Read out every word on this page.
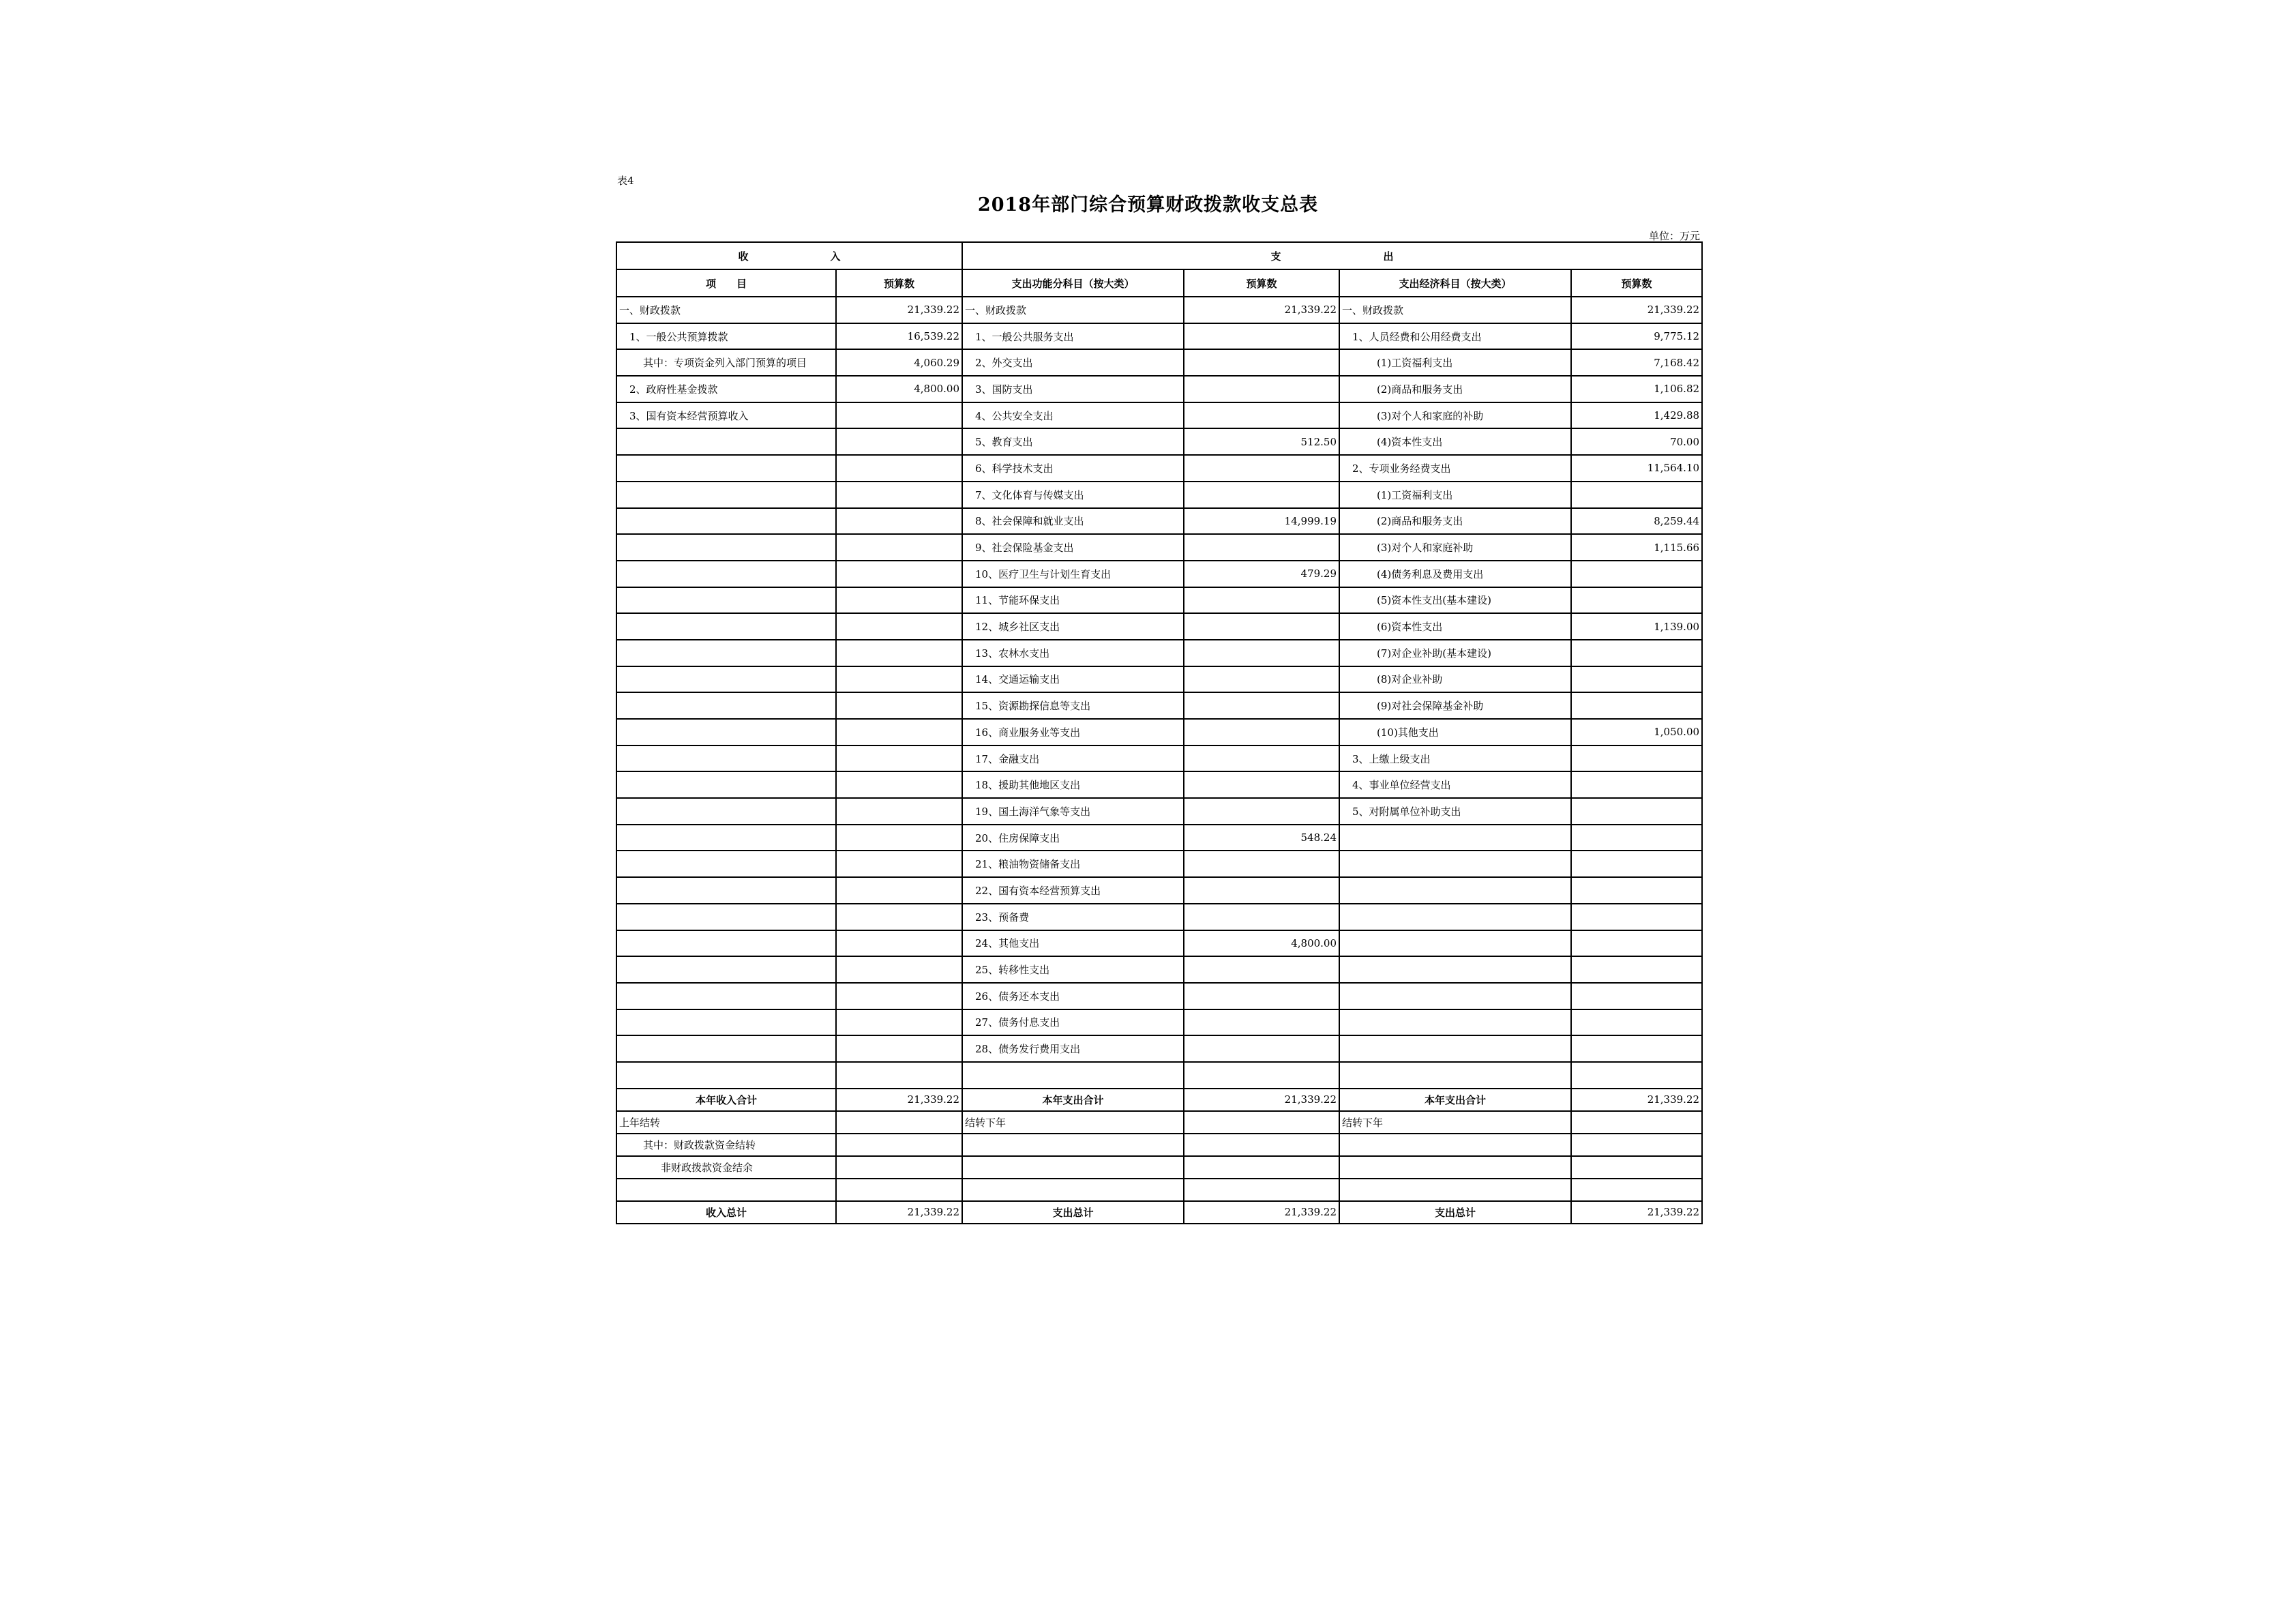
表4
2018年部门综合预算财政拨款收支总表
单位：万元
收　　　　　　　　入		支　　　　　　　　　　出			
项　　目	预算数	支出功能分科目（按大类）	预算数	支出经济科目（按大类）	预算数
一、财政拨款	21,339.22	一、财政拨款	21,339.22	一、财政拨款	21,339.22
1、一般公共预算拨款	16,539.22	1、一般公共服务支出		1、人员经费和公用经费支出	9,775.12
其中：专项资金列入部门预算的项目	4,060.29	2、外交支出		(1)工资福利支出	7,168.42
2、政府性基金拨款	4,800.00	3、国防支出		(2)商品和服务支出	1,106.82
3、国有资本经营预算收入		4、公共安全支出		(3)对个人和家庭的补助	1,429.88
		5、教育支出	512.50	(4)资本性支出	70.00
		6、科学技术支出		2、专项业务经费支出	11,564.10
		7、文化体育与传媒支出		(1)工资福利支出	
		8、社会保障和就业支出	14,999.19	(2)商品和服务支出	8,259.44
		9、社会保险基金支出		(3)对个人和家庭补助	1,115.66
		10、医疗卫生与计划生育支出	479.29	(4)债务利息及费用支出	
		11、节能环保支出		(5)资本性支出(基本建设)	
		12、城乡社区支出		(6)资本性支出	1,139.00
		13、农林水支出		(7)对企业补助(基本建设)	
		14、交通运输支出		(8)对企业补助	
		15、资源勘探信息等支出		(9)对社会保障基金补助	
		16、商业服务业等支出		(10)其他支出	1,050.00
		17、金融支出		3、上缴上级支出	
		18、援助其他地区支出		4、事业单位经营支出	
		19、国土海洋气象等支出		5、对附属单位补助支出	
		20、住房保障支出	548.24		
		21、粮油物资储备支出			
		22、国有资本经营预算支出			
		23、预备费			
		24、其他支出	4,800.00		
		25、转移性支出			
		26、债务还本支出			
		27、债务付息支出			
		28、债务发行费用支出			

本年收入合计	21,339.22	本年支出合计	21,339.22	本年支出合计	21,339.22
上年结转		结转下年		结转下年	
其中：财政拨款资金结转					
非财政拨款资金结余					

收入总计	21,339.22	支出总计	21,339.22	支出总计	21,339.22
